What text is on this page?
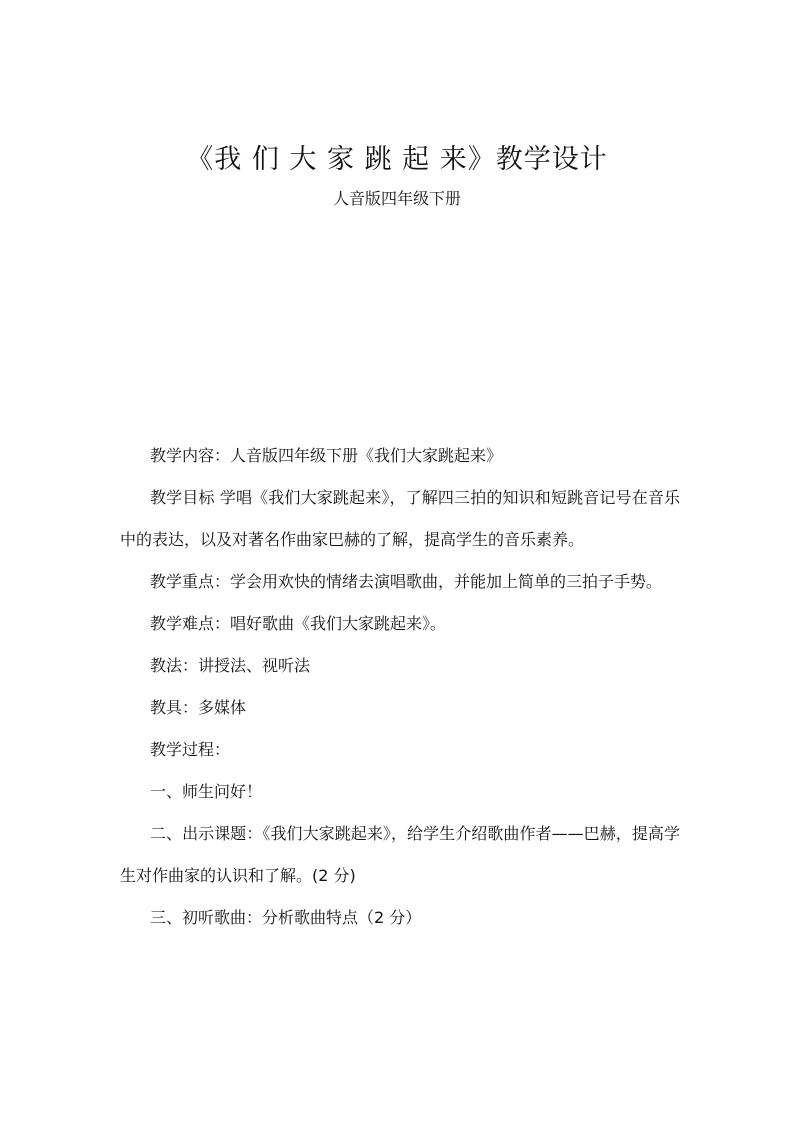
《我 们 大 家 跳 起 来》教学设计
人音版四年级下册

教学内容：人音版四年级下册《我们大家跳起来》

教学目标 学唱《我们大家跳起来》，了解四三拍的知识和短跳音记号在音乐中的表达，以及对著名作曲家巴赫的了解，提高学生的音乐素养。

教学重点：学会用欢快的情绪去演唱歌曲，并能加上简单的三拍子手势。

教学难点：唱好歌曲《我们大家跳起来》。

教法：讲授法、视听法

教具：多媒体

教学过程：

一、师生问好！

二、出示课题：《我们大家跳起来》，给学生介绍歌曲作者——巴赫，提高学生对作曲家的认识和了解。(2 分)

三、初听歌曲：分析歌曲特点（2 分）
